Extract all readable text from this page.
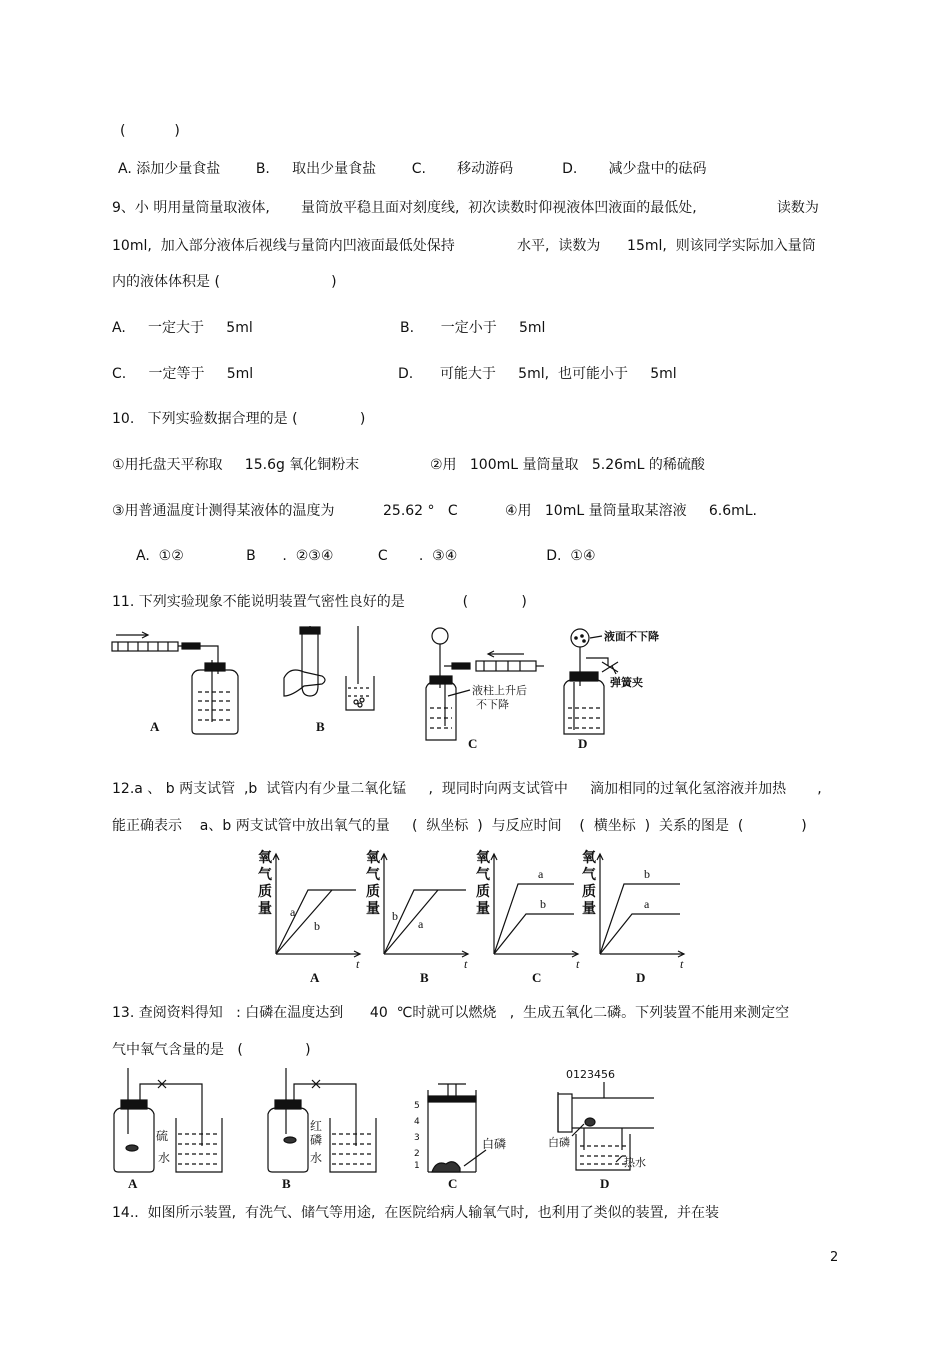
(           )
A. 添加少量食盐        B.     取出少量食盐        C.       移动游码           D.       减少盘中的砝码
9、小 明用量筒量取液体,       量筒放平稳且面对刻度线,  初次读数时仰视液体凹液面的最低处,                  读数为
10ml,  加入部分液体后视线与量筒内凹液面最低处保持              水平,  读数为      15ml,  则该同学实际加入量筒
内的液体体积是 (                         )
A.     一定大于     5ml	B.      一定小于     5ml
C.     一定等于     5ml	D.      可能大于     5ml,  也可能小于     5ml
10.   下列实验数据合理的是 (              )
①用托盘天平称取     15.6g 氧化铜粉末	②用   100mL 量筒量取   5.26mL 的稀硫酸
③用普通温度计测得某液体的温度为	25.62 °   C	④用   10mL 量筒量取某溶液     6.6mL.
A.  ①②              B      .  ②③④          C       .  ③④                    D.  ①④
11. 下列实验现象不能说明装置气密性良好的是             (            )
A	B
液柱上升后
不下降
C
液面不下降
弹簧夹
D
12.a 、 b 两支试管  ,b  试管内有少量二氧化锰     ,  现同时向两支试管中     滴加相同的过氧化氢溶液并加热       ,
能正确表示    a、b 两支试管中放出氧气的量     (  纵坐标  )  与反应时间    (  横坐标  )  关系的图是  (             )
氧
气
质
量 a
b
t
A
氧
气
质
量 b
a
t
B
氧
气
质
量
a
b
t
C
氧
气
质
量
b
a
t
D
13. 查阅资料得知   : 白磷在温度达到      40  ℃时就可以燃烧   ,  生成五氧化二磷。下列装置不能用来测定空
气中氧气含量的是   (              )
硫
水
A
红
磷
水
B
5
4
3
2
1
白磷
C
0123456
白磷
热水
D
14..  如图所示装置,  有洗气、储气等用途,  在医院给病人输氧气时,  也利用了类似的装置,  并在装
2
